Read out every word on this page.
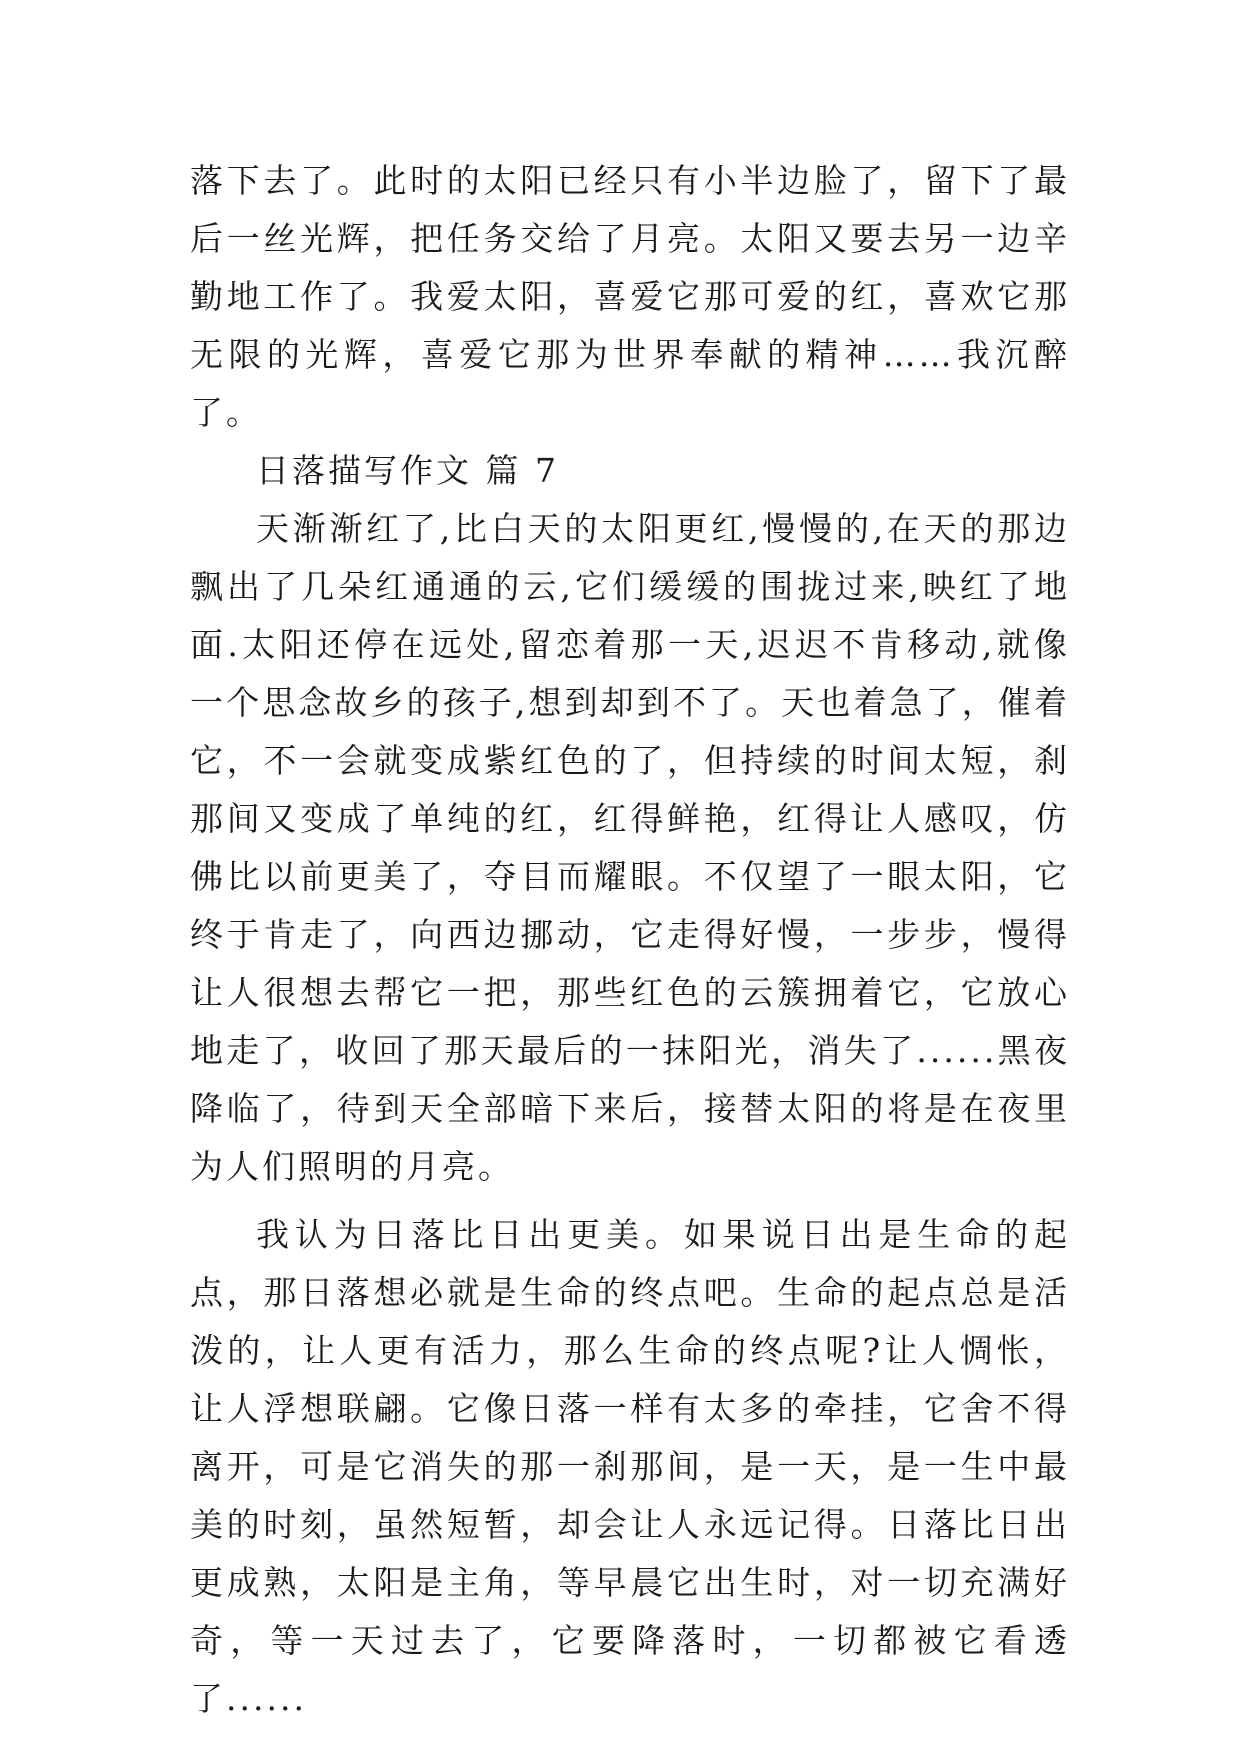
落下去了。此时的太阳已经只有小半边脸了，留下了最后一丝光辉，把任务交给了月亮。太阳又要去另一边辛勤地工作了。我爱太阳，喜爱它那可爱的红，喜欢它那无限的光辉，喜爱它那为世界奉献的精神……我沉醉了。

日落描写作文 篇 7

天渐渐红了,比白天的太阳更红,慢慢的,在天的那边飘出了几朵红通通的云,它们缓缓的围拢过来,映红了地面.太阳还停在远处,留恋着那一天,迟迟不肯移动,就像一个思念故乡的孩子,想到却到不了。天也着急了，催着它，不一会就变成紫红色的了，但持续的时间太短，刹那间又变成了单纯的红，红得鲜艳，红得让人感叹，仿佛比以前更美了，夺目而耀眼。不仅望了一眼太阳，它终于肯走了，向西边挪动，它走得好慢，一步步，慢得让人很想去帮它一把，那些红色的云簇拥着它，它放心地走了，收回了那天最后的一抹阳光，消失了......黑夜降临了，待到天全部暗下来后，接替太阳的将是在夜里为人们照明的月亮。

我认为日落比日出更美。如果说日出是生命的起点，那日落想必就是生命的终点吧。生命的起点总是活泼的，让人更有活力，那么生命的终点呢?让人惆怅，让人浮想联翩。它像日落一样有太多的牵挂，它舍不得离开，可是它消失的那一刹那间，是一天，是一生中最美的时刻，虽然短暂，却会让人永远记得。日落比日出更成熟，太阳是主角，等早晨它出生时，对一切充满好奇，等一天过去了，它要降落时，一切都被它看透了......
